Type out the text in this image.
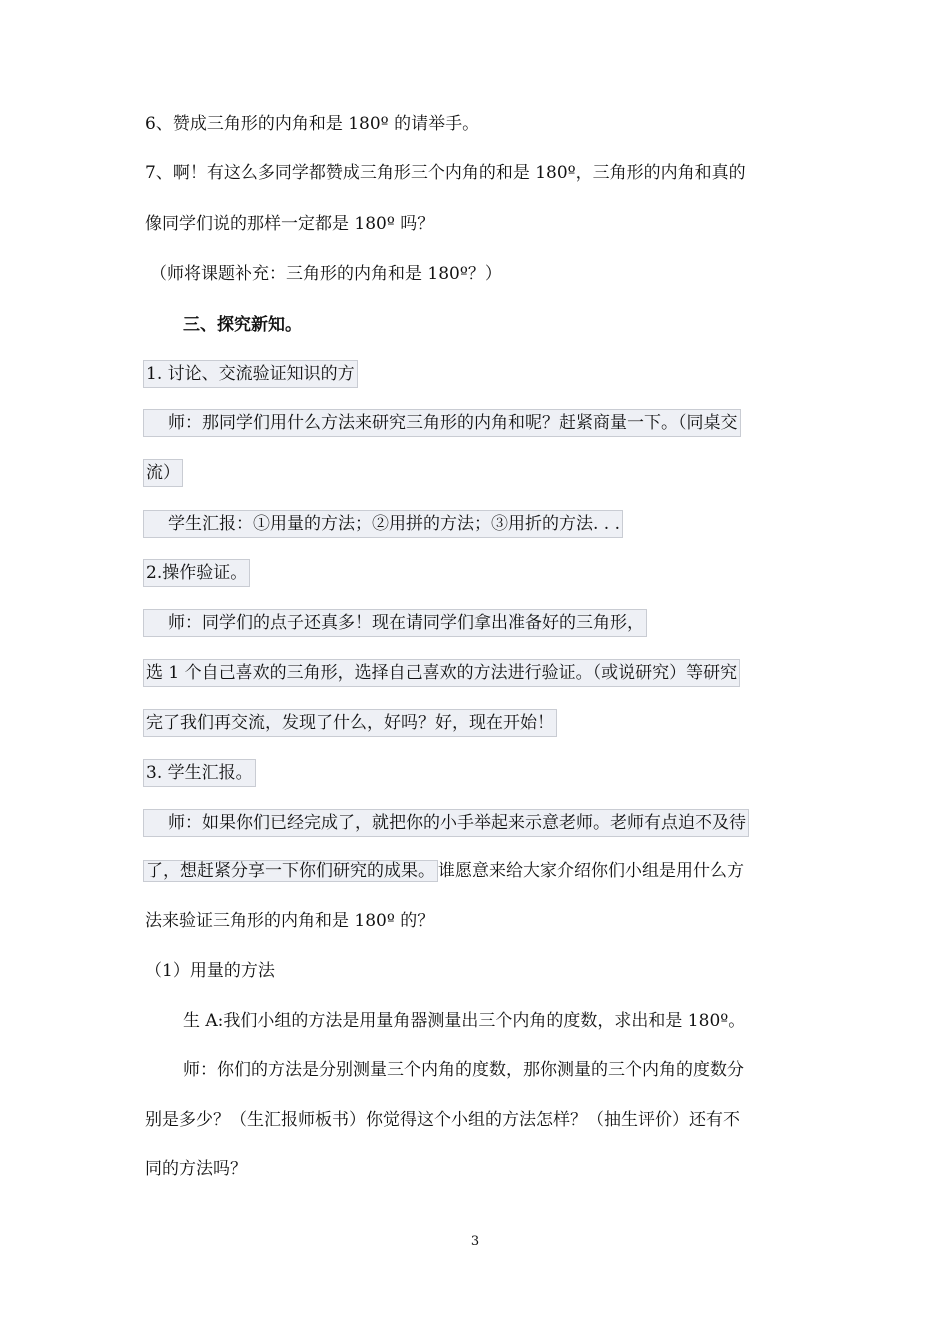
6、赞成三角形的内角和是 180º 的请举手。
7、啊！有这么多同学都赞成三角形三个内角的和是 180º，三角形的内角和真的
像同学们说的那样一定都是 180º 吗？
（师将课题补充：三角形的内角和是 180º？）
三、探究新知。
1. 讨论、交流验证知识的方
师：那同学们用什么方法来研究三角形的内角和呢？赶紧商量一下。（同桌交
流）
学生汇报：①用量的方法；②用拼的方法；③用折的方法. . .
2.操作验证。
师：同学们的点子还真多！现在请同学们拿出准备好的三角形，
选 1 个自己喜欢的三角形，选择自己喜欢的方法进行验证。（或说研究）等研究
完了我们再交流，发现了什么，好吗？好，现在开始！
3. 学生汇报。
师：如果你们已经完成了，就把你的小手举起来示意老师。老师有点迫不及待
了，想赶紧分享一下你们研究的成果。 谁愿意来给大家介绍你们小组是用什么方
法来验证三角形的内角和是 180º 的？
（1）用量的方法
生 A:我们小组的方法是用量角器测量出三个内角的度数，求出和是 180º。
师：你们的方法是分别测量三个内角的度数，那你测量的三个内角的度数分
别是多少？（生汇报师板书）你觉得这个小组的方法怎样？（抽生评价）还有不
同的方法吗？
3
